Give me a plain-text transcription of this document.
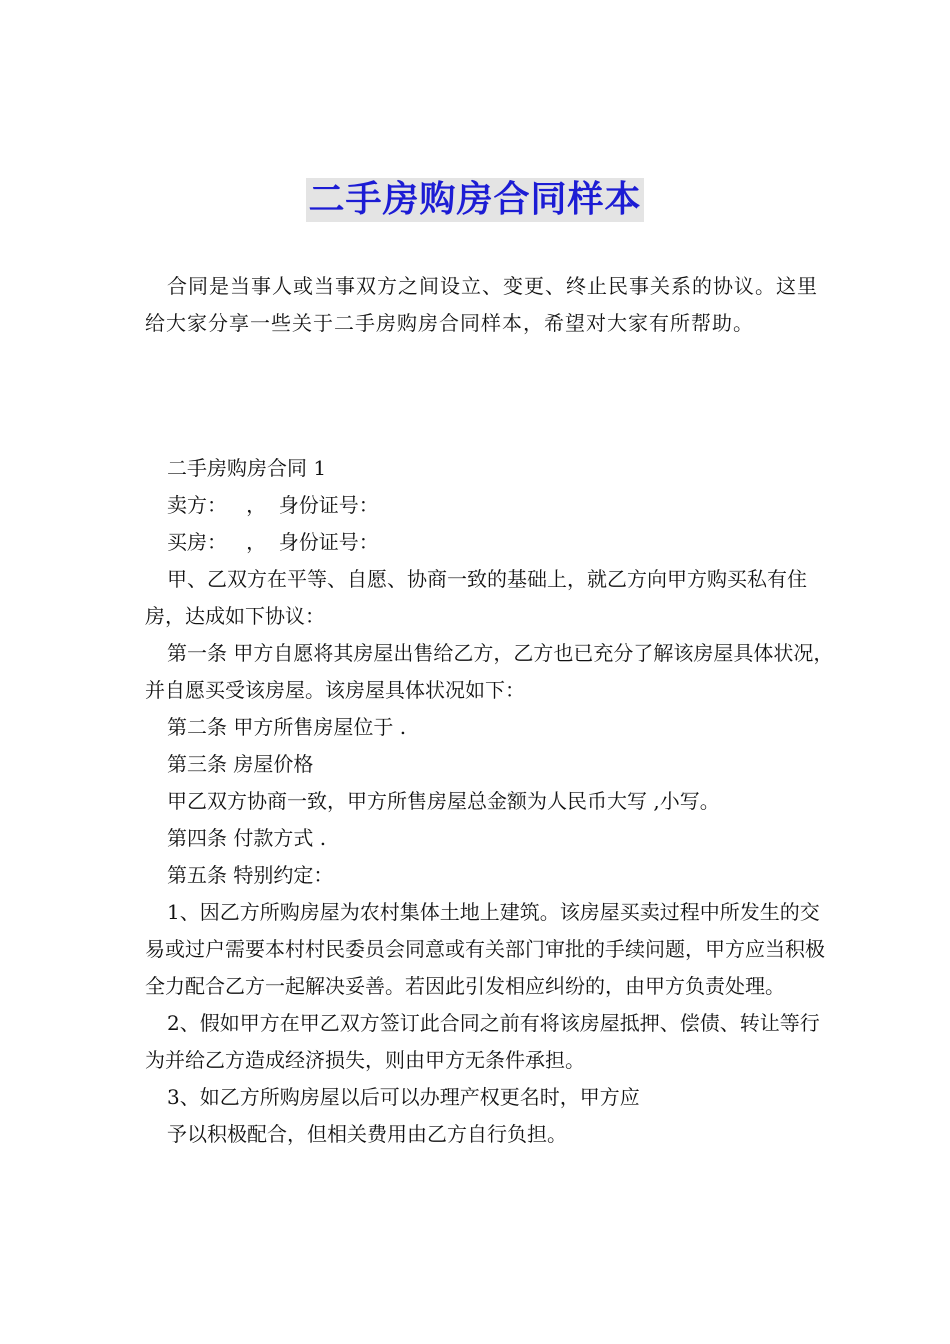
二手房购房合同样本

合同是当事人或当事双方之间设立、变更、终止民事关系的协议。这里给大家分享一些关于二手房购房合同样本，希望对大家有所帮助。

二手房购房合同 1

卖方：   ，  身份证号：

买房：   ，  身份证号：

甲、乙双方在平等、自愿、协商一致的基础上，就乙方向甲方购买私有住房，达成如下协议：

第一条 甲方自愿将其房屋出售给乙方，乙方也已充分了解该房屋具体状况，并自愿买受该房屋。该房屋具体状况如下：

第二条 甲方所售房屋位于 .

第三条 房屋价格

甲乙双方协商一致，甲方所售房屋总金额为人民币大写 ,小写。

第四条 付款方式 .

第五条 特别约定：

1、因乙方所购房屋为农村集体土地上建筑。该房屋买卖过程中所发生的交易或过户需要本村村民委员会同意或有关部门审批的手续问题，甲方应当积极全力配合乙方一起解决妥善。若因此引发相应纠纷的，由甲方负责处理。

2、假如甲方在甲乙双方签订此合同之前有将该房屋抵押、偿债、转让等行为并给乙方造成经济损失，则由甲方无条件承担。

3、如乙方所购房屋以后可以办理产权更名时，甲方应

予以积极配合，但相关费用由乙方自行负担。
